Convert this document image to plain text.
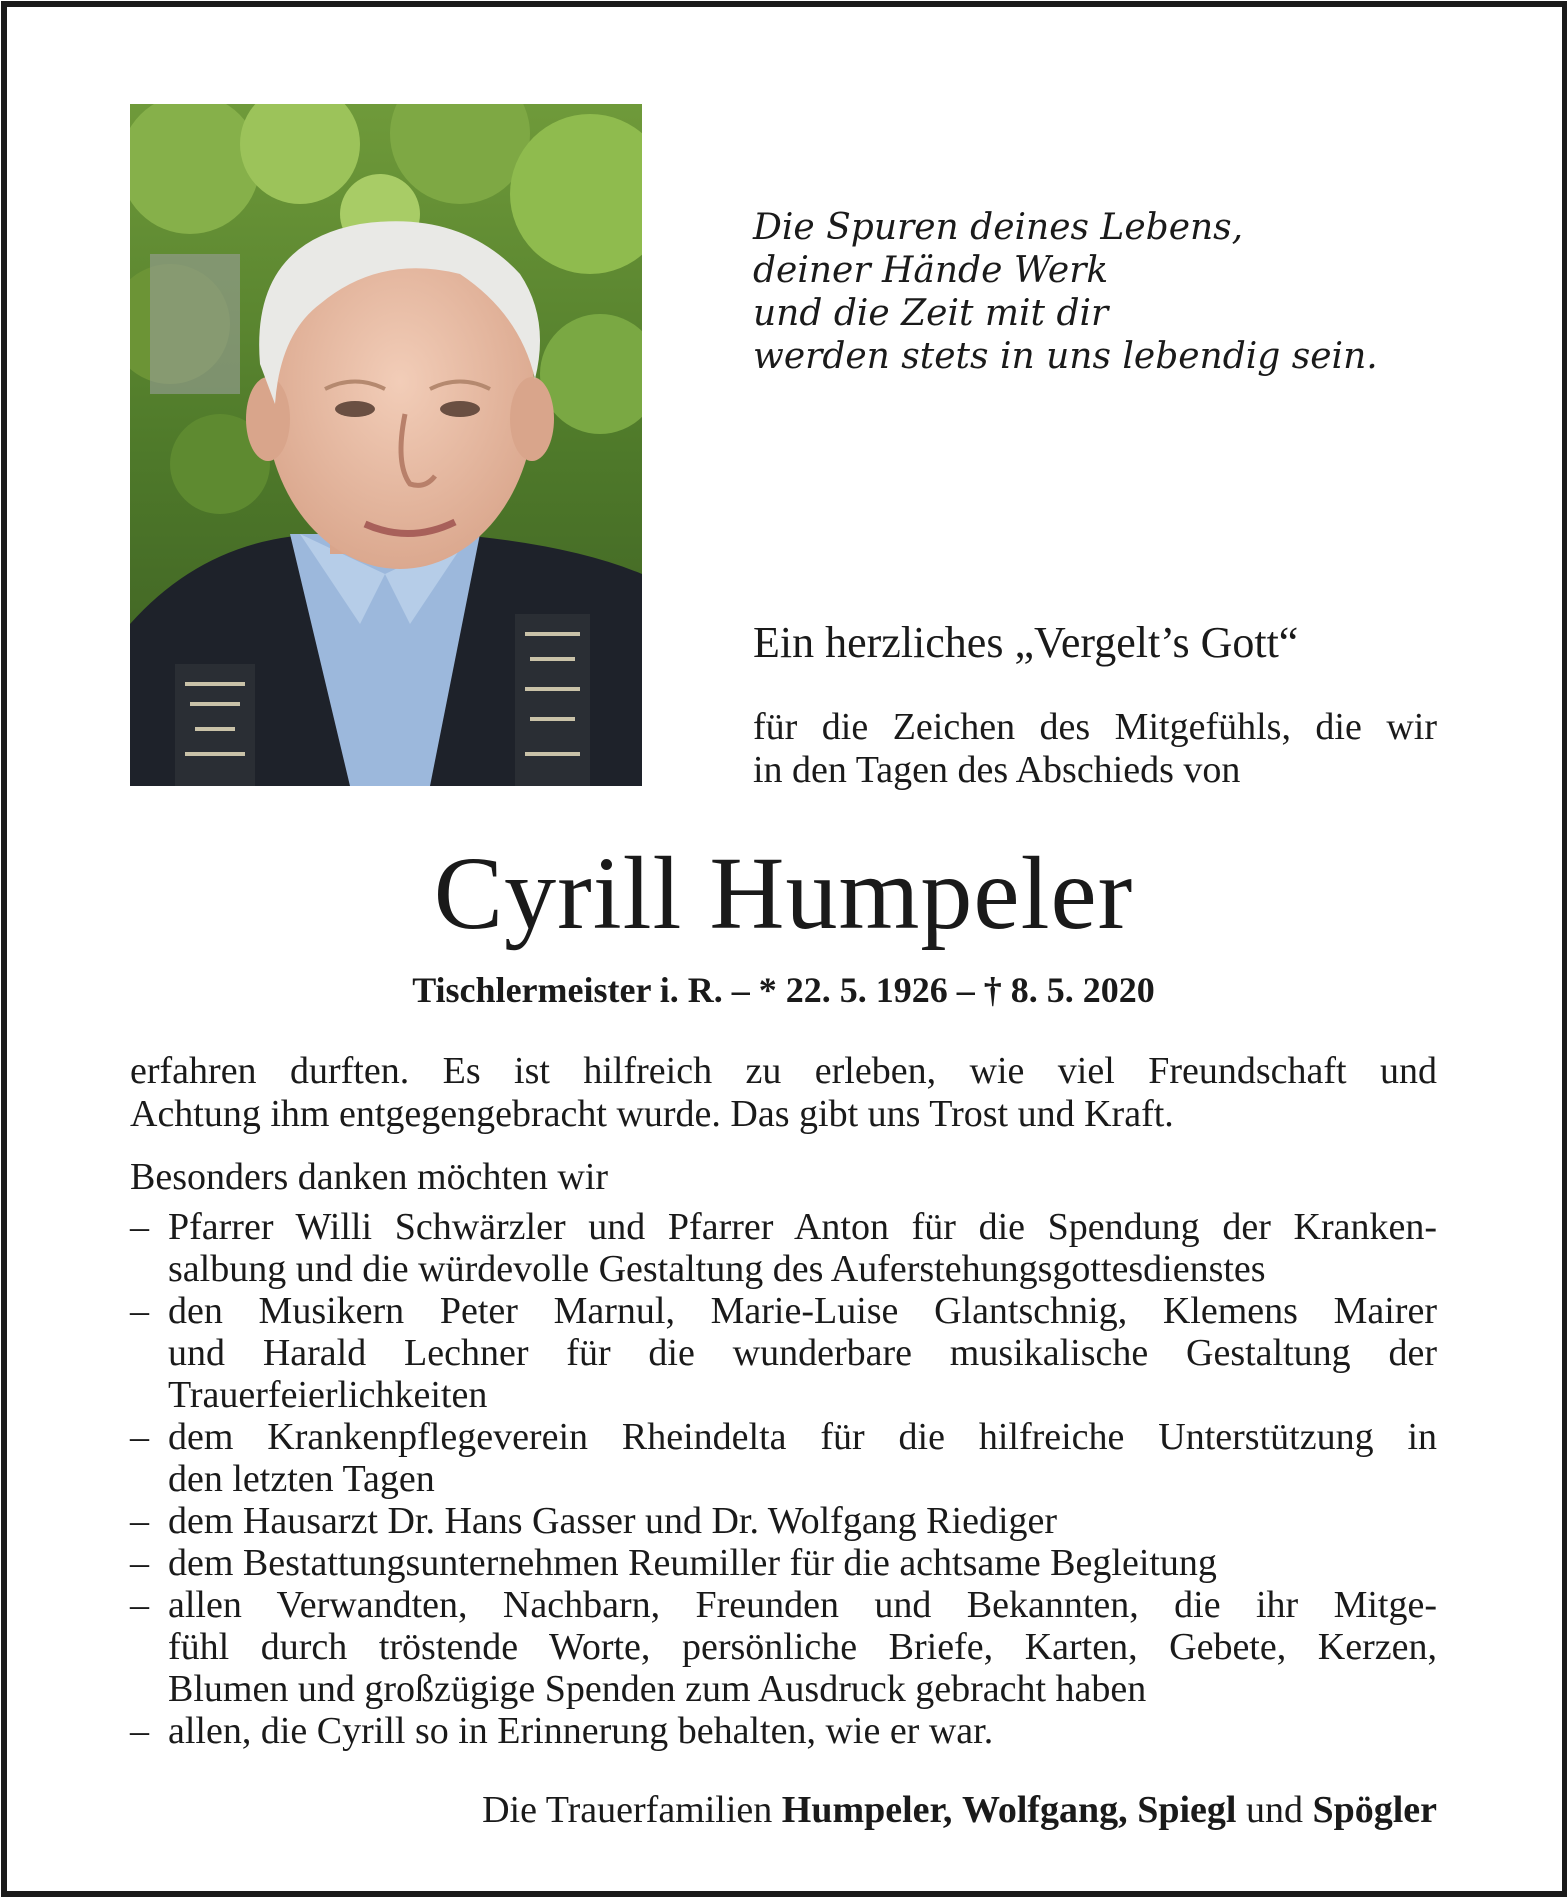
Die Spuren deines Lebens,
deiner Hände Werk
und die Zeit mit dir
werden stets in uns lebendig sein.
Ein herzliches „Vergelt’s Gott“
für die Zeichen des Mitgefühls, die wir
in den Tagen des Abschieds von
Cyrill Humpeler
Tischlermeister i. R. – * 22. 5. 1926 – † 8. 5. 2020
erfahren durften. Es ist hilfreich zu erleben, wie viel Freundschaft und
Achtung ihm entgegengebracht wurde. Das gibt uns Trost und Kraft.
Besonders danken möchten wir
– Pfarrer Willi Schwärzler und Pfarrer Anton für die Spendung der Kranken-
salbung und die würdevolle Gestaltung des Auferstehungsgottesdienstes
– den Musikern Peter Marnul, Marie-Luise Glantschnig, Klemens Mairer
und Harald Lechner für die wunderbare musikalische Gestaltung der
Trauerfeierlichkeiten
– dem Krankenpflegeverein Rheindelta für die hilfreiche Unterstützung in
den letzten Tagen
– dem Hausarzt Dr. Hans Gasser und Dr. Wolfgang Riediger
– dem Bestattungsunternehmen Reumiller für die achtsame Begleitung
– allen Verwandten, Nachbarn, Freunden und Bekannten, die ihr Mitge-
fühl durch tröstende Worte, persönliche Briefe, Karten, Gebete, Kerzen,
Blumen und großzügige Spenden zum Ausdruck gebracht haben
– allen, die Cyrill so in Erinnerung behalten, wie er war.
Die Trauerfamilien Humpeler, Wolfgang, Spiegl und Spögler
